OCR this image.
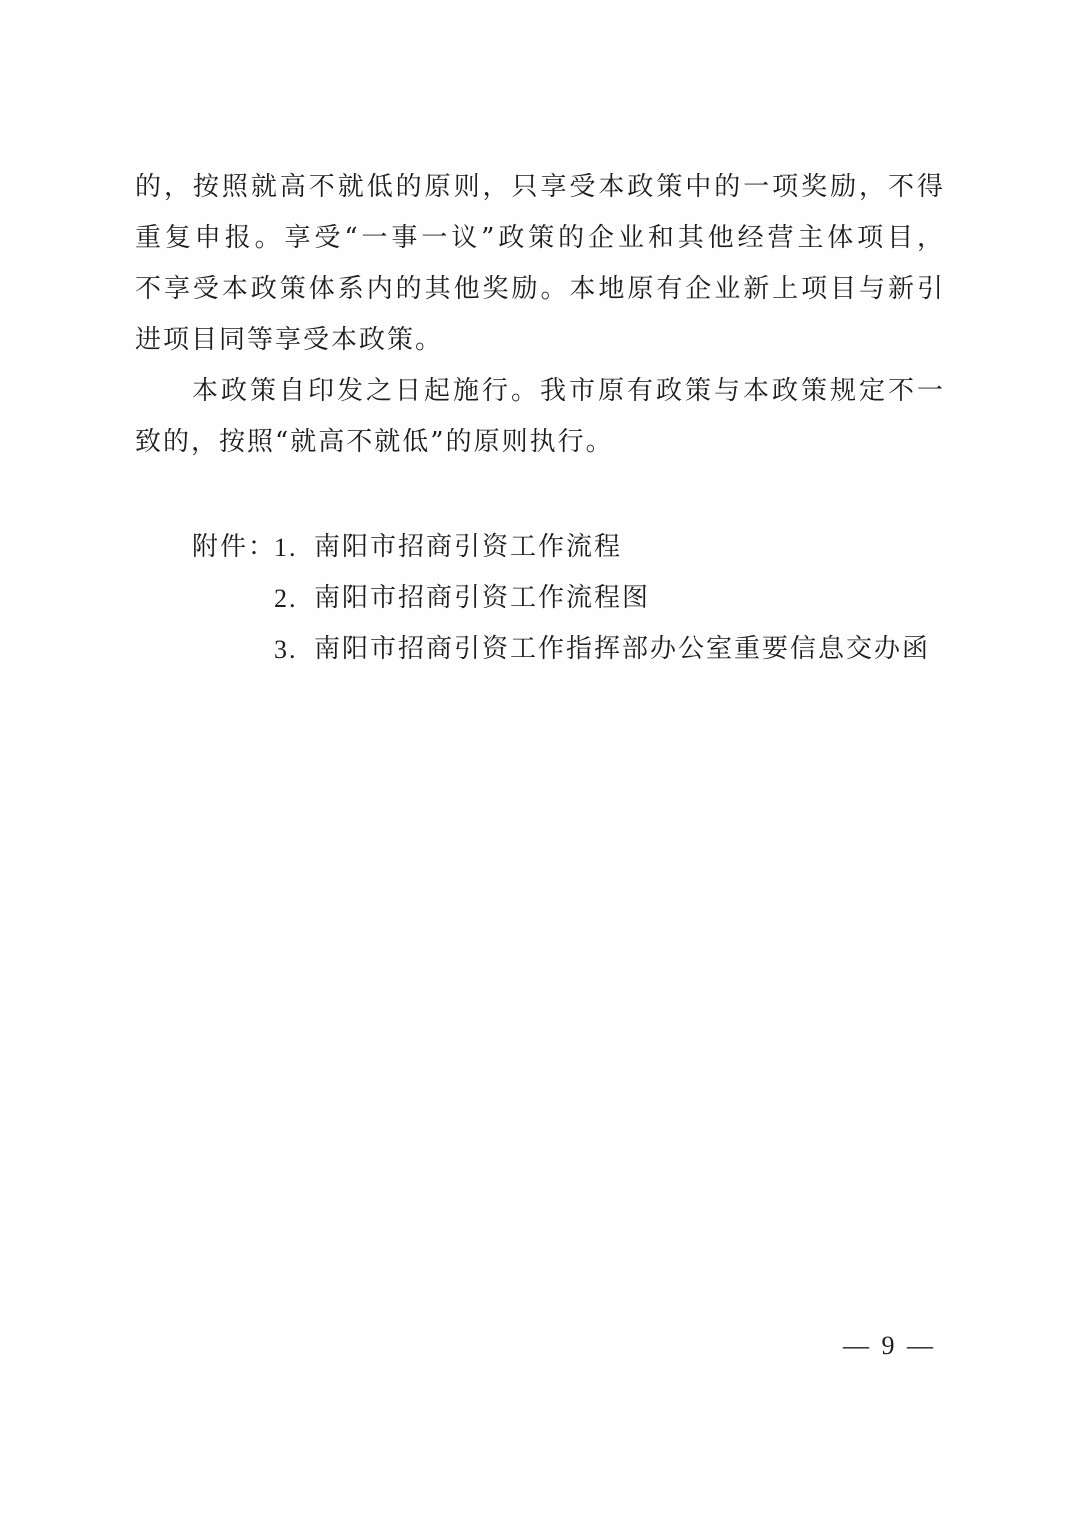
的，按照就高不就低的原则，只享受本政策中的一项奖励，不得
重复申报。享受“一事一议”政策的企业和其他经营主体项目，
不享受本政策体系内的其他奖励。本地原有企业新上项目与新引
进项目同等享受本政策。
本政策自印发之日起施行。我市原有政策与本政策规定不一
致的，按照“就高不就低”的原则执行。
附件：
1. 南阳市招商引资工作流程
2. 南阳市招商引资工作流程图
3. 南阳市招商引资工作指挥部办公室重要信息交办函
— 9 —
